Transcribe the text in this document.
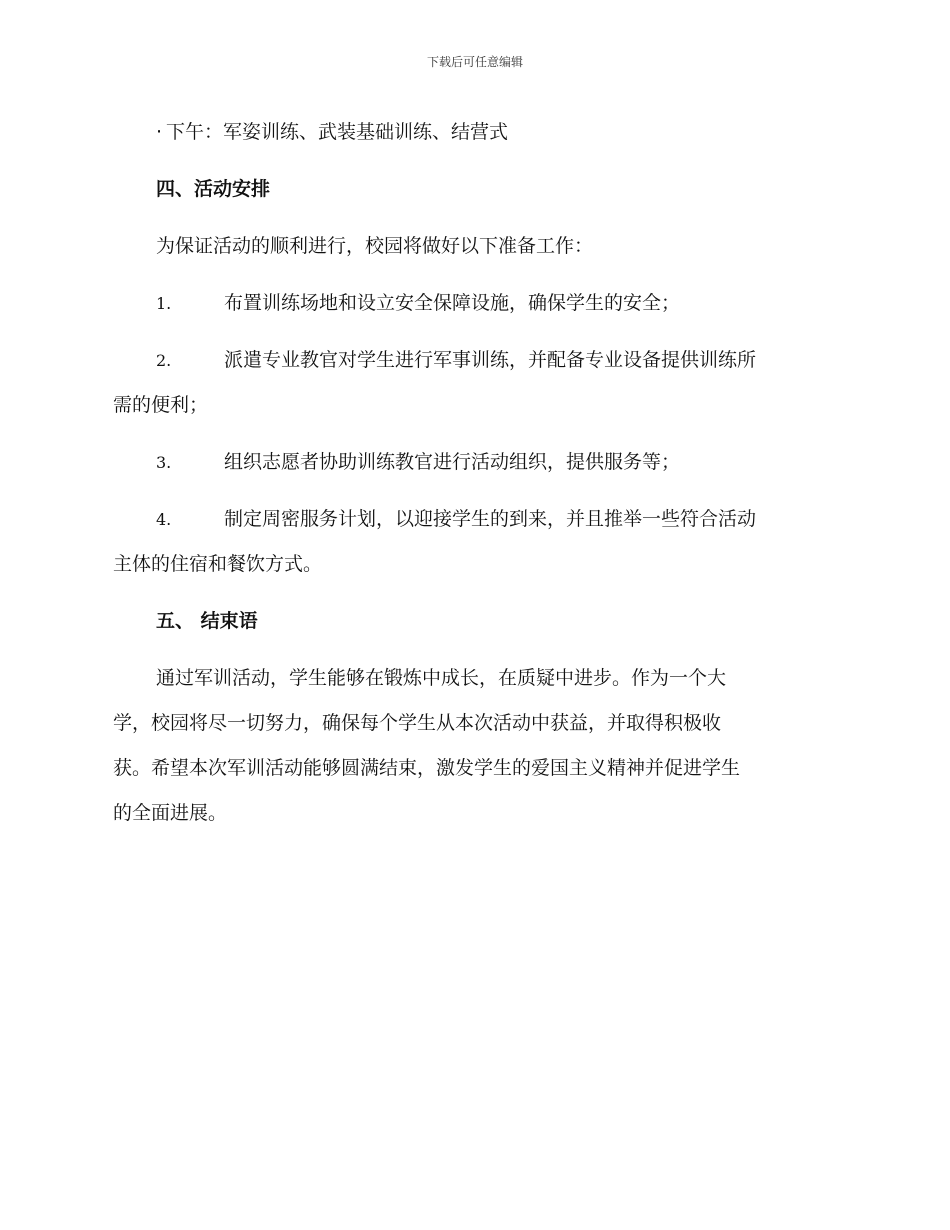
下载后可任意编辑

· 下午：军姿训练、武装基础训练、结营式

四、活动安排

为保证活动的顺利进行，校园将做好以下准备工作：

1.	布置训练场地和设立安全保障设施，确保学生的安全；
2.	派遣专业教官对学生进行军事训练，并配备专业设备提供训练所
需的便利；
3.	组织志愿者协助训练教官进行活动组织，提供服务等；
4.	制定周密服务计划，以迎接学生的到来，并且推举一些符合活动
主体的住宿和餐饮方式。

五、 结束语

通过军训活动，学生能够在锻炼中成长，在质疑中进步。作为一个大
学，校园将尽一切努力，确保每个学生从本次活动中获益，并取得积极收
获。希望本次军训活动能够圆满结束，激发学生的爱国主义精神并促进学生
的全面进展。
